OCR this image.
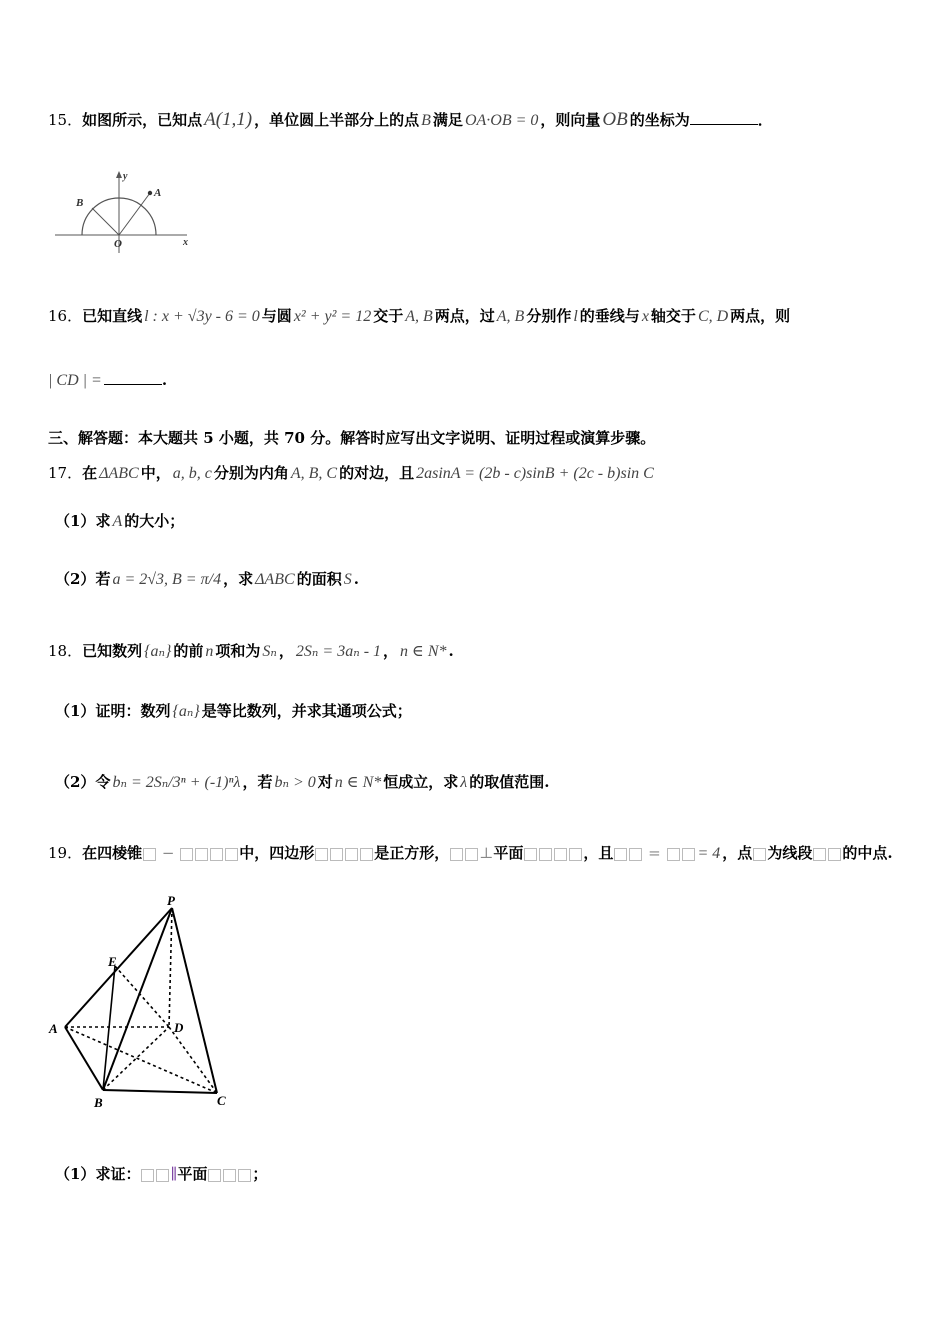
15．如图所示，已知点 A(1,1) ，单位圆上半部分上的点 B 满足 OA·OB = 0 ，则向量 OB 的坐标为	．
y
A
B
O	x
16．已知直线 l : x + √3y - 6 = 0 与圆 x² + y² = 12 交于 A, B 两点，过 A, B 分别作 l 的垂线与 x 轴交于 C, D 两点，则
| CD | =	.
三、解答题：本大题共 5 小题，共 70 分。解答时应写出文字说明、证明过程或演算步骤。
17．在 ΔABC 中， a, b, c 分别为内角 A, B, C 的对边，且 2asinA = (2b - c)sinB + (2c - b)sin C
（1）求 A 的大小；
（2）若 a = 2√3, B = π/4 ，求 ΔABC 的面积 S .
18．已知数列 {aₙ} 的前 n 项和为 Sₙ ， 2Sₙ = 3aₙ - 1 ， n ∈ N* .
（1）证明：数列 {aₙ} 是等比数列，并求其通项公式；
（2）令 bₙ = 2Sₙ/3ⁿ + (-1)ⁿλ ，若 bₙ > 0 对 n ∈ N* 恒成立，求 λ 的取值范围.
19．在四棱锥 −	中，四边形	是正方形， ⊥平面	，且 = = 4 ，点 为线段 的中点.
P
E
A	D
B	C
（1）求证： ∥平面	；
